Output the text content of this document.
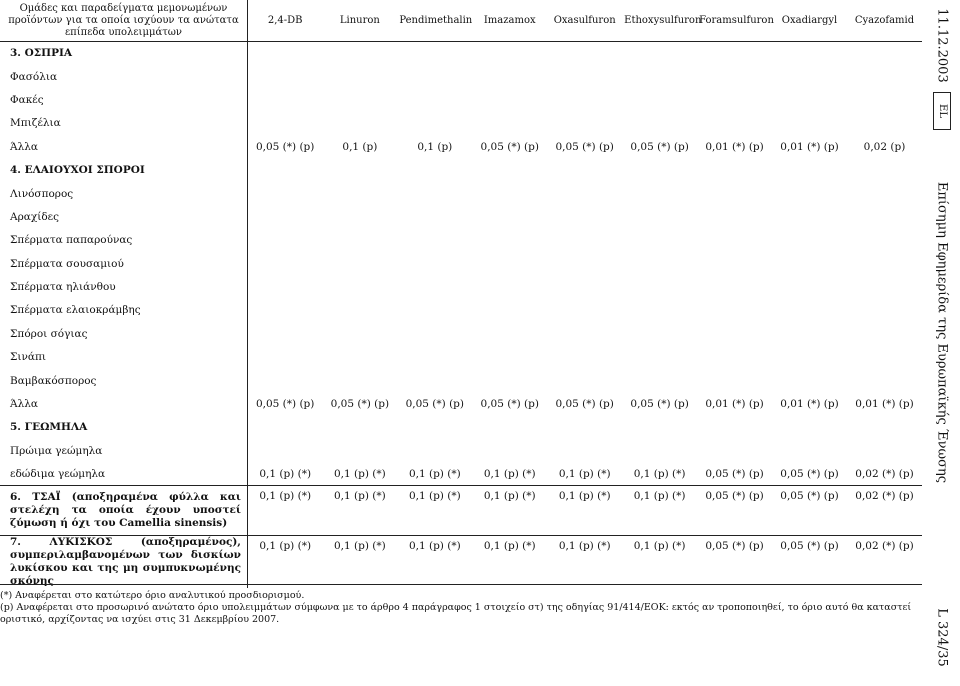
Ομάδες και παραδείγματα μεμονωμένων προϊόντων για τα οποία ισχύουν τα ανώτατα επίπεδα υπολειμμάτων	2,4-DB	Linuron	Pendimethalin	Imazamox	Oxasulfuron	Ethoxysulfuron	Foramsulfuron	Oxadiargyl	Cyazofamid
3. ΟΣΠΡΙΑ									
Φασόλια									
Φακές									
Μπιζέλια									
Άλλα	0,05 (*) (p)	0,1 (p)	0,1 (p)	0,05 (*) (p)	0,05 (*) (p)	0,05 (*) (p)	0,01 (*) (p)	0,01 (*) (p)	0,02 (p)
4. ΕΛΑΙΟΥΧΟΙ ΣΠΟΡΟΙ									
Λινόσπορος									
Αραχίδες									
Σπέρματα παπαρούνας									
Σπέρματα σουσαμιού									
Σπέρματα ηλιάνθου									
Σπέρματα ελαιοκράμβης									
Σπόροι σόγιας									
Σινάπι									
Βαμβακόσπορος									
Άλλα	0,05 (*) (p)	0,05 (*) (p)	0,05 (*) (p)	0,05 (*) (p)	0,05 (*) (p)	0,05 (*) (p)	0,01 (*) (p)	0,01 (*) (p)	0,01 (*) (p)
5. ΓΕΩΜΗΛΑ									
Πρώιμα γεώμηλα									
εδώδιμα γεώμηλα	0,1 (p) (*)	0,1 (p) (*)	0,1 (p) (*)	0,1 (p) (*)	0,1 (p) (*)	0,1 (p) (*)	0,05 (*) (p)	0,05 (*) (p)	0,02 (*) (p)
6. ΤΣΑΪ (αποξηραμένα φύλλα και στελέχη τα οποία έχουν υποστεί ζύμωση ή όχι του Camellia sinensis)	0,1 (p) (*)	0,1 (p) (*)	0,1 (p) (*)	0,1 (p) (*)	0,1 (p) (*)	0,1 (p) (*)	0,05 (*) (p)	0,05 (*) (p)	0,02 (*) (p)
7. ΛΥΚΙΣΚΟΣ (αποξηραμένος), συμπεριλαμβανομένων των δισκίων λυκίσκου και της μη συμπυκνωμένης σκόνης	0,1 (p) (*)	0,1 (p) (*)	0,1 (p) (*)	0,1 (p) (*)	0,1 (p) (*)	0,1 (p) (*)	0,05 (*) (p)	0,05 (*) (p)	0,02 (*) (p)
(*) Αναφέρεται στο κατώτερο όριο αναλυτικού προσδιορισμού.
(p) Αναφέρεται στο προσωρινό ανώτατο όριο υπολειμμάτων σύμφωνα με το άρθρο 4 παράγραφος 1 στοιχείο στ) της οδηγίας 91/414/ΕΟΚ: εκτός αν τροποποιηθεί, το όριο αυτό θα καταστεί οριστικό, αρχίζοντας να ισχύει στις 31 Δεκεμβρίου 2007.
11.12.2003
EL
Επίσημη Εφημερίδα της Ευρωπαϊκής Ένωσης
L 324/35
